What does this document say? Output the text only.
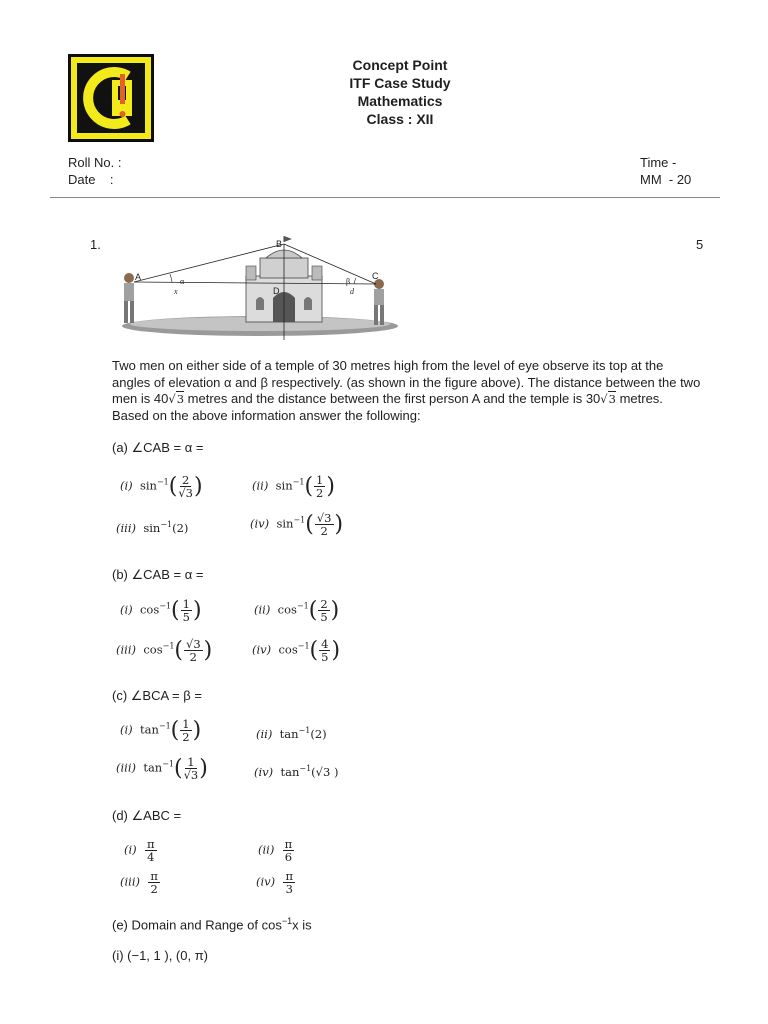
Concept Point
ITF Case Study
Mathematics
Class : XII
Roll No. :
Date    :
Time -
MM  - 20
1.	5
A
B
C
D
α	β
x	d
Two men on either side of a temple of 30 metres high from the level of eye observe its top at the angles of elevation α and β respectively. (as shown in the figure above). The distance between the two men is 40√3 metres and the distance between the first person A and the temple is 30√3 metres. Based on the above information answer the following:
(a) ∠CAB = α =
(i) $\sin^{-1}( \frac{2}{√3}$ )	(ii) $\sin^{-1}( \frac{1}{2}$ )
(iii) $\sin^{-1}(2)$	(iv) $\sin^{-1}( \frac{√3}{2}$ )
(b) ∠CAB = α =
(i) $\cos^{-1}( \frac{1}{5}$ )	(ii) $\cos^{-1}( \frac{2}{5}$ )
(iii) $\cos^{-1}( \frac{√3}{2}$ )	(iv) $\cos^{-1}( \frac{4}{5}$ )
(c) ∠BCA = β =
(i) $\tan^{-1}( \frac{1}{2}$ )	(ii) $\tan^{-1}(2)$
(iii) $\tan^{-1}( \frac{1}{√3}$ )	(iv) $\tan^{-1}(√3$ )
(d) ∠ABC =
$(i) \frac{\pi}{4}$	$(ii) \frac{\pi}{6}$
$(iii) \frac{\pi}{2}$	$(iv) \frac{\pi}{3}$
(e) Domain and Range of $\cos^{-1}x$ is
(i) (−1, 1 ), (0, π)
